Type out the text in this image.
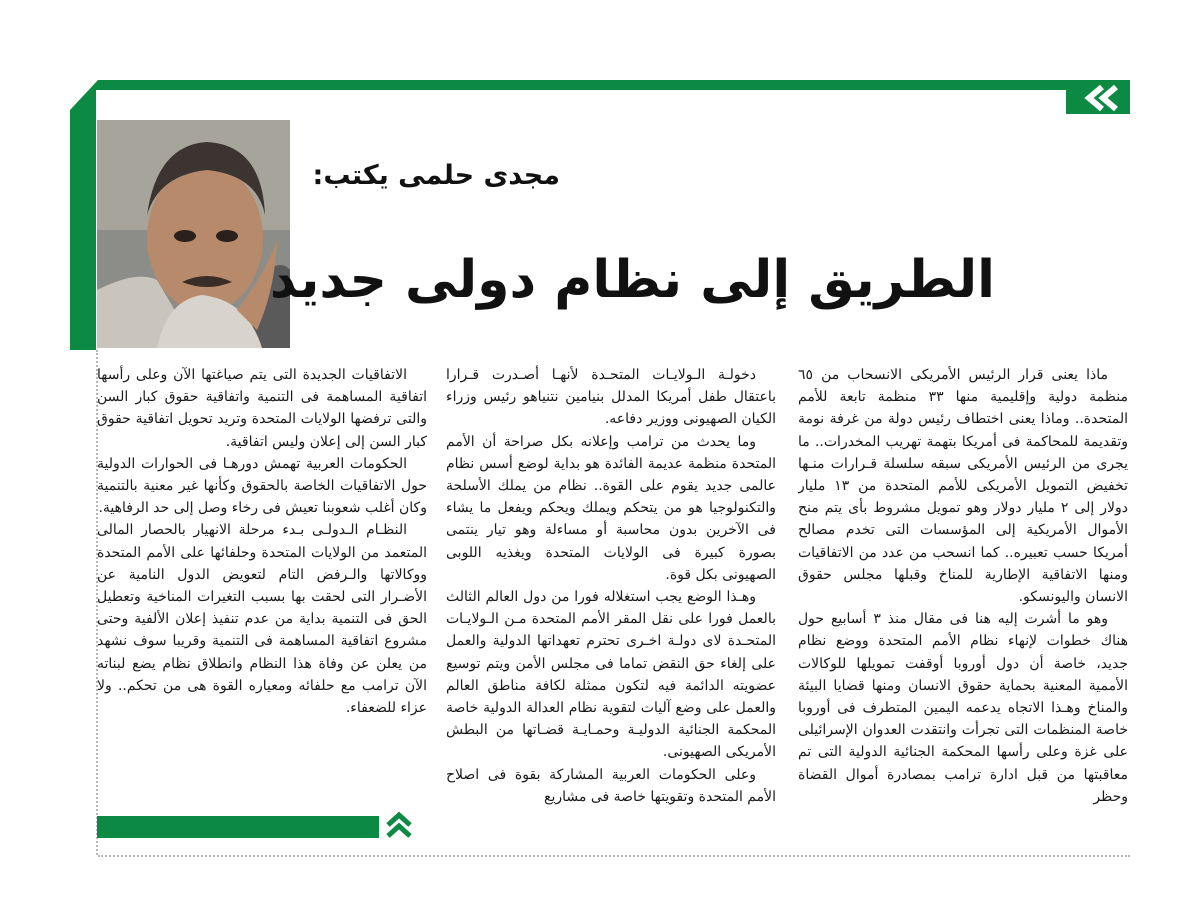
مجدى حلمى يكتب:
الطريق إلى نظام دولى جديد

ماذا يعنى قرار الرئيس الأمريكى الانسحاب من ٦٥ منظمة دولية وإقليمية منها ٣٣ منظمة تابعة للأمم المتحدة.. وماذا يعنى اختطاف رئيس دولة من غرفة نومة وتقديمة للمحاكمة فى أمريكا بتهمة تهريب المخدرات.. ما يجرى من الرئيس الأمريكى سبقه سلسلة قـرارات منـها تخفيض التمويل الأمريكى للأمم المتحدة من ١٣ مليار دولار إلى ٢ مليار دولار وهو تمويل مشروط بأى يتم منح الأموال الأمريكية إلى المؤسسات التى تخدم مصالح أمريكا حسب تعبيره.. كما انسحب من عدد من الاتفاقيات ومنها الاتفاقية الإطارية للمناخ وقبلها مجلس حقوق الانسان واليونسكو.

وهو ما أشرت إليه هنا فى مقال منذ ٣ أسابيع حول هناك خطوات لإنهاء نظام الأمم المتحدة ووضع نظام جديد، خاصة أن دول أوروبا أوقفت تمويلها للوكالات الأممية المعنية بحماية حقوق الانسان ومنها قضايا البيئة والمناخ وهـذا الاتجاه يدعمه اليمين المتطرف فى أوروبا خاصة المنظمات التى تجرأت وانتقدت العدوان الإسرائيلى على غزة وعلى رأسها المحكمة الجنائية الدولية التى تم معاقبتها من قبل ادارة ترامب بمصادرة أموال القضاة وحظر

دخولـة الـولايـات المتحـدة لأنهـا أصـدرت قـرارا باعتقال طفل أمريكا المدلل بنيامين نتنياهو رئيس وزراء الكيان الصهيونى ووزير دفاعه.

وما يحدث من ترامب وإعلانه بكل صراحة أن الأمم المتحدة منظمة عديمة الفائدة هو بداية لوضع أسس نظام عالمى جديد يقوم على القوة.. نظام من يملك الأسلحة والتكنولوجيا هو من يتحكم ويملك ويحكم ويفعل ما يشاء فى الآخرين بدون محاسبة أو مساءلة وهو تيار ينتمى بصورة كبيرة فى الولايات المتحدة ويغذيه اللوبى الصهيونى بكل قوة.

وهـذا الوضع يجب استغلاله فورا من دول العالم الثالث بالعمل فورا على نقل المقر الأمم المتحدة مـن الـولايـات المتحـدة لاى دولـة اخـرى تحترم تعهداتها الدولية والعمل على إلغاء حق النقض تماما فى مجلس الأمن ويتم توسيع عضويته الدائمة فيه لتكون ممثلة لكافة مناطق العالم والعمل على وضع آليات لتقوية نظام العدالة الدولية خاصة المحكمة الجنائية الدوليـة وحمـايـة قضـاتها من البطش الأمريكى الصهيونى.

وعلى الحكومات العربية المشاركة بقوة فى اصلاح الأمم المتحدة وتقويتها خاصة فى مشاريع

الاتفاقيات الجديدة التى يتم صياغتها الآن وعلى رأسها اتفاقية المساهمة فى التنمية واتفاقية حقوق كبار السن والتى ترفضها الولايات المتحدة وتريد تحويل اتفاقية حقوق كبار السن إلى إعلان وليس اتفاقية.

الحكومات العربية تهمش دورهـا فى الحوارات الدولية حول الاتفاقيات الخاصة بالحقوق وكأنها غير معنية بالتنمية وكان أغلب شعوبنا تعيش فى رخاء وصل إلى حد الرفاهية.

النظـام الـدولـى بـدء مرحلة الانهيار بالحصار المالى المتعمد من الولايات المتحدة وحلفائها على الأمم المتحدة ووكالاتها والـرفض التام لتعويض الدول النامية عن الأضـرار التى لحقت بها بسبب التغيرات المناخية وتعطيل الحق فى التنمية بداية من عدم تنفيذ إعلان الألفية وحتى مشروع اتفاقية المساهمة فى التنمية وقريبا سوف نشهد من يعلن عن وفاة هذا النظام وانطلاق نظام يضع لبناته الآن ترامب مع حلفائه ومعياره القوة هى من تحكم.. ولا عزاء للضعفاء.
